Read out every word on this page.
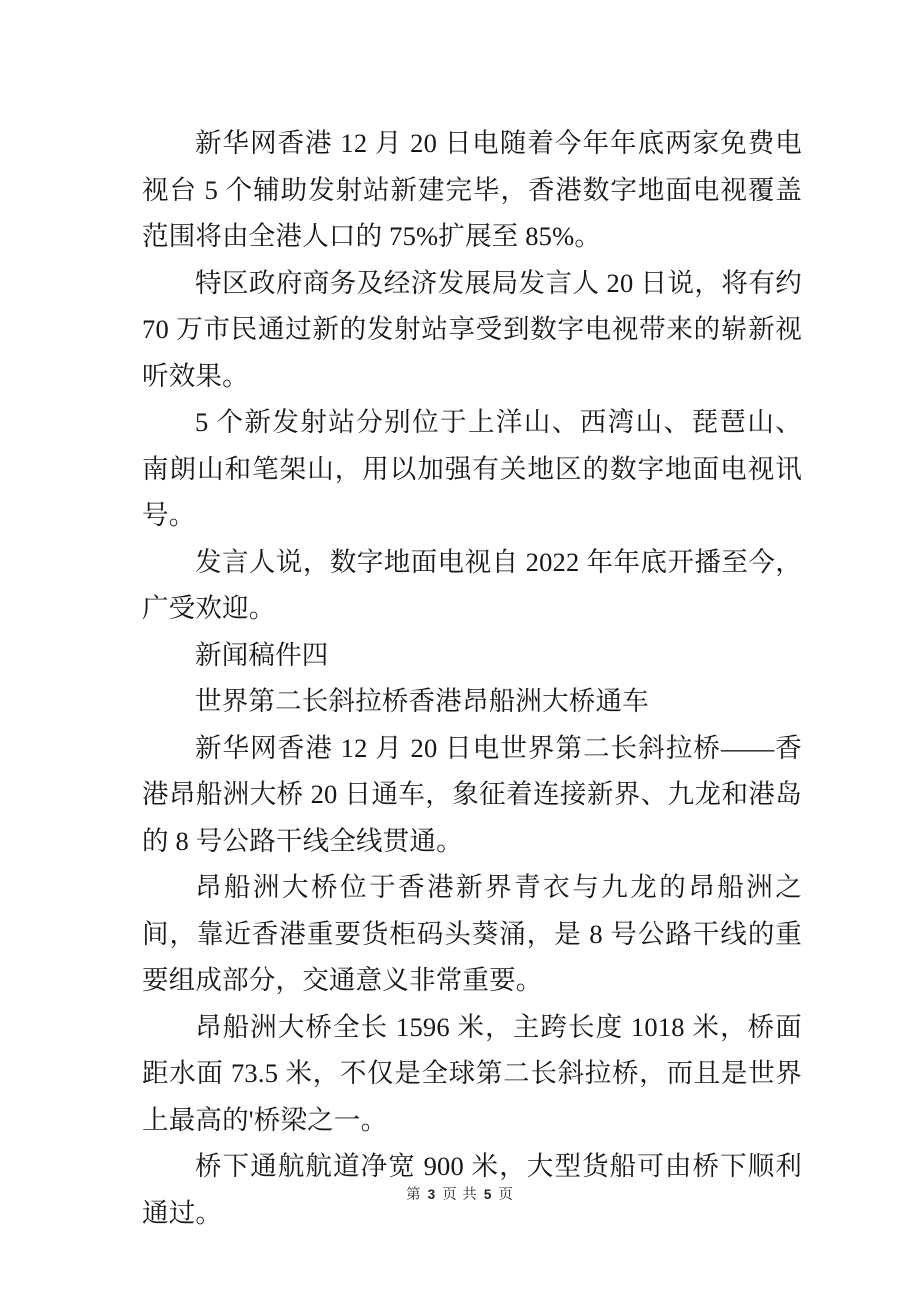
新华网香港 12 月 20 日电随着今年年底两家免费电视台 5 个辅助发射站新建完毕，香港数字地面电视覆盖范围将由全港人口的 75%扩展至 85%。

特区政府商务及经济发展局发言人 20 日说，将有约 70 万市民通过新的发射站享受到数字电视带来的崭新视听效果。

5 个新发射站分别位于上洋山、西湾山、琵琶山、南朗山和笔架山，用以加强有关地区的数字地面电视讯号。

发言人说，数字地面电视自 2022 年年底开播至今，广受欢迎。

新闻稿件四

世界第二长斜拉桥香港昂船洲大桥通车

新华网香港 12 月 20 日电世界第二长斜拉桥——香港昂船洲大桥 20 日通车，象征着连接新界、九龙和港岛的 8 号公路干线全线贯通。

昂船洲大桥位于香港新界青衣与九龙的昂船洲之间，靠近香港重要货柜码头葵涌，是 8 号公路干线的重要组成部分，交通意义非常重要。

昂船洲大桥全长 1596 米，主跨长度 1018 米，桥面距水面 73.5 米，不仅是全球第二长斜拉桥，而且是世界上最高的'桥梁之一。

桥下通航航道净宽 900 米，大型货船可由桥下顺利通过。

第 3 页 共 5 页
